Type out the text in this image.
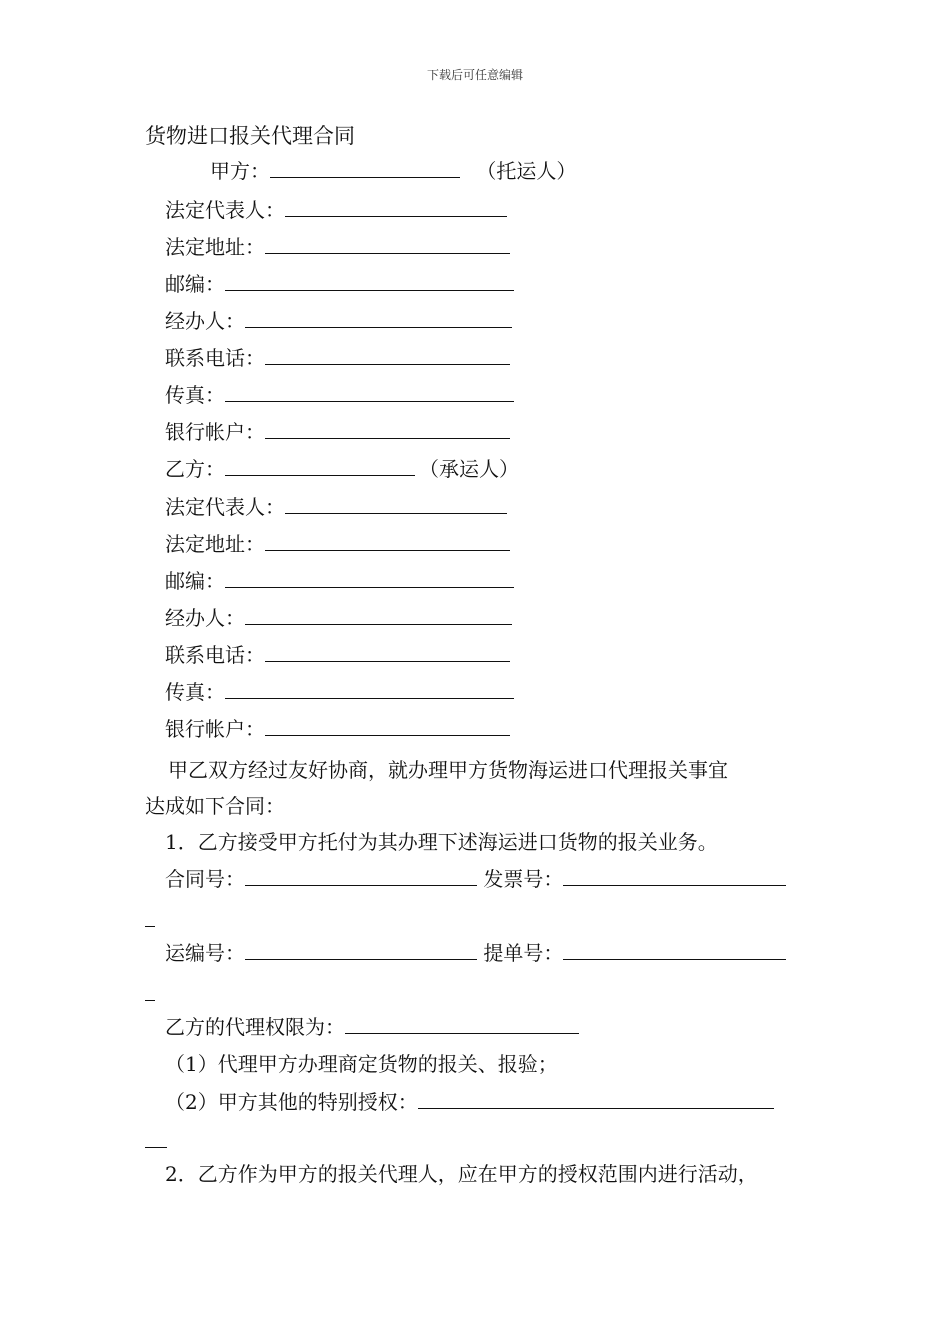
下载后可任意编辑
货物进口报关代理合同
甲方：	（托运人）
法定代表人：
法定地址：
邮编：
经办人：
联系电话：
传真：
银行帐户：
乙方：	（承运人）
法定代表人：
法定地址：
邮编：
经办人：
联系电话：
传真：
银行帐户：
甲乙双方经过友好协商，就办理甲方货物海运进口代理报关事宜
达成如下合同：
1．乙方接受甲方托付为其办理下述海运进口货物的报关业务。
合同号：	发票号：
运编号：	提单号：
乙方的代理权限为：
（1）代理甲方办理商定货物的报关、报验；
（2）甲方其他的特别授权：
2．乙方作为甲方的报关代理人，应在甲方的授权范围内进行活动，
